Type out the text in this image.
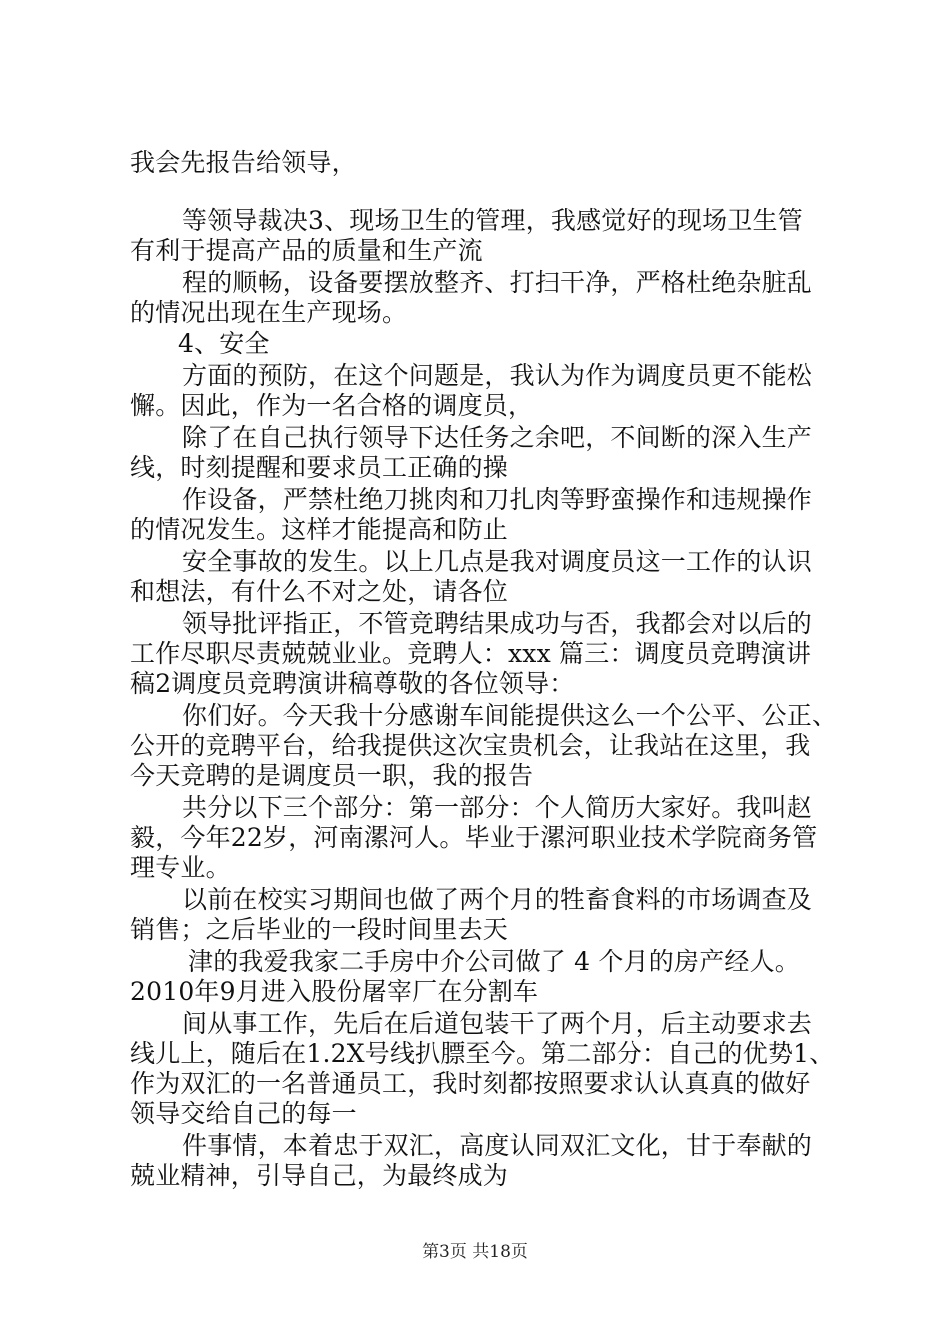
我会先报告给领导，
等领导裁决3、现场卫生的管理，我感觉好的现场卫生管
有利于提高产品的质量和生产流
程的顺畅，设备要摆放整齐、打扫干净，严格杜绝杂脏乱
的情况出现在生产现场。
4、安全
方面的预防，在这个问题是，我认为作为调度员更不能松
懈。因此，作为一名合格的调度员，
除了在自己执行领导下达任务之余吧，不间断的深入生产
线，时刻提醒和要求员工正确的操
作设备，严禁杜绝刀挑肉和刀扎肉等野蛮操作和违规操作
的情况发生。这样才能提高和防止
安全事故的发生。以上几点是我对调度员这一工作的认识
和想法，有什么不对之处，请各位
领导批评指正，不管竞聘结果成功与否，我都会对以后的
工作尽职尽责兢兢业业。竞聘人：xxx 篇三：调度员竞聘演讲
稿2调度员竞聘演讲稿尊敬的各位领导：
你们好。今天我十分感谢车间能提供这么一个公平、公正、
公开的竞聘平台，给我提供这次宝贵机会，让我站在这里，我
今天竞聘的是调度员一职，我的报告
共分以下三个部分：第一部分：个人简历大家好。我叫赵
毅，今年22岁，河南漯河人。毕业于漯河职业技术学院商务管
理专业。
以前在校实习期间也做了两个月的牲畜食料的市场调查及
销售；之后毕业的一段时间里去天
津的我爱我家二手房中介公司做了 4 个月的房产经人。
2010年9月进入股份屠宰厂在分割车
间从事工作，先后在后道包装干了两个月，后主动要求去
线儿上，随后在1.2X号线扒膘至今。第二部分：自己的优势1、
作为双汇的一名普通员工，我时刻都按照要求认认真真的做好
领导交给自己的每一
件事情，本着忠于双汇，高度认同双汇文化，甘于奉献的
兢业精神，引导自己，为最终成为
第3页 共18页
